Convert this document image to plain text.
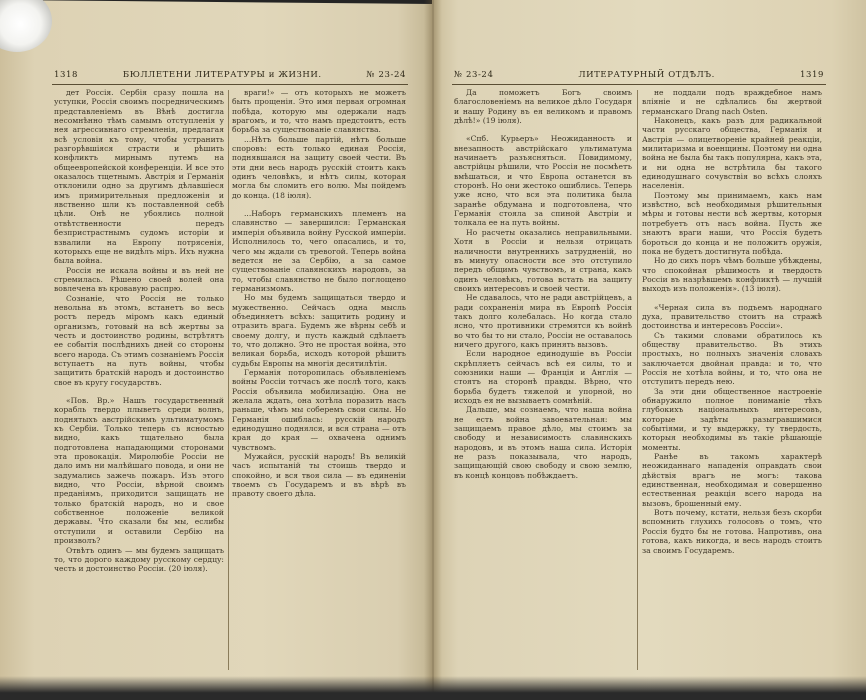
1318	БЮЛЛЕТЕНИ ЛИТЕРАТУРЫ и ЖИЗНИ.	№ 23-24	№ 23-24	ЛИТЕРАТУРНЫЙ ОТДѢЛЪ.	1319

дет Россія. Сербія сразу пошла на уступки, Россія своимъ посредническимъ представленіемъ въ Вѣнѣ достигла несомнѣнно тѣмъ самымъ отступленія у нея агрессивнаго стремленія, предлагая всѣ условія къ тому, чтобы устранить разгорѣвшіяся страсти и рѣшить конфликтъ мирнымъ путемъ на общеевропейской конференціи. И все это оказалось тщетнымъ. Австрія и Германія отклонили одно за другимъ дѣлавшіеся имъ примирительныя предложенія и явственно шли къ поставленной себѣ цѣли. Онѣ не убоялись полной отвѣтственности передъ безпристрастнымъ судомъ исторіи и взвалили на Европу потрясенія, которыхъ еще не видѣлъ міръ. Ихъ нужна была война.

Россія не искала войны и въ ней не стремилась. Рѣшено своей волей она вовлечена въ кровавую распрю.

Сознаніе, что Россія не только невольна въ этомъ, встанетъ во весь ростъ передъ міромъ какъ единый организмъ, готовый на всѣ жертвы за честь и достоинство родины, встрѣтятъ ее событія послѣднихъ дней со стороны всего народа. Съ этимъ сознаніемъ Россія вступаетъ на путь войны, чтобы защитить братскій народъ и достоинство свое въ кругу государствъ.

«Пов. Вр.» Нашъ государственный корабль твердо плыветъ среди волнъ, поднятыхъ австрійскимъ ультиматумомъ къ Сербіи. Только теперь съ ясностью видно, какъ тщательно была подготовлена нападающими сторонами эта провокація. Миролюбіе Россіи не дало имъ ни малѣйшаго повода, и они не задумались зажечь пожаръ. Изъ этого видно, что Россіи, вѣрной своимъ преданіямъ, приходится защищать не только братскій народъ, но и свое собственное положеніе великой державы. Что сказали бы мы, еслибы отступили и оставили Сербію на произволъ?

Отвѣтъ одинъ — мы будемъ защищать то, что дорого каждому русскому сердцу: честь и достоинство Россіи. (20 іюля).

враги!» — отъ которыхъ не можетъ быть прощенія. Это имя первая огромная побѣда, которую мы одержали надъ врагомъ, и то, что намъ предстоитъ, есть борьба за существованіе славянства.

...Нѣтъ больше партій, нѣтъ больше споровъ: есть только единая Россія, поднявшаяся на защиту своей чести. Въ эти дни весь народъ русскій стоитъ какъ одинъ человѣкъ, и нѣтъ силы, которая могла бы сломить его волю. Мы пойдемъ до конца. (18 іюля).

...Наборъ германскихъ племенъ на славянство — завершился: Германская имперія объявила войну Русской имперіи. Исполнилось то, чего опасались, и то, чего мы ждали съ тревогой. Теперь война ведется не за Сербію, а за самое существованіе славянскихъ народовъ, за то, чтобы славянство не было поглощено германизмомъ.

Но мы будемъ защищаться твердо и мужественно. Сейчасъ одна мысль объединяетъ всѣхъ: защитить родину и отразить врага. Будемъ же вѣрны себѣ и своему долгу, и пусть каждый сдѣлаетъ то, что должно. Это не простая война, это великая борьба, исходъ которой рѣшитъ судьбы Европы на многія десятилѣтія.

Германія поторопилась объявленіемъ войны Россіи тотчасъ же послѣ того, какъ Россія объявила мобилизацію. Она не желала ждать, она хотѣла поразить насъ раньше, чѣмъ мы соберемъ свои силы. Но Германія ошиблась: русскій народъ единодушно поднялся, и вся страна — отъ края до края — охвачена однимъ чувствомъ.

Мужайся, русскій народъ! Въ великій часъ испытаній ты стоишь твердо и спокойно, и вся твоя сила — въ единеніи твоемъ съ Государемъ и въ вѣрѣ въ правоту своего дѣла.

Да поможетъ Богъ своимъ благословеніемъ на великое дѣло Государя и нашу Родину въ ея великомъ и правомъ дѣлѣ!» (19 іюля).

«Спб. Курьеръ» Неожиданность и внезапность австрійскаго ультиматума начинаетъ разъясняться. Повидимому, австрійцы рѣшили, что Россія не посмѣетъ вмѣшаться, и что Европа останется въ сторонѣ. Но они жестоко ошиблись. Теперь уже ясно, что вся эта политика была заранѣе обдумана и подготовлена, что Германія стояла за спиной Австріи и толкала ее на путь войны.

Но расчеты оказались неправильными. Хотя в Россіи и нельзя отрицать наличности внутреннихъ затрудненій, но въ минуту опасности все это отступило передъ общимъ чувствомъ, и страна, какъ одинъ человѣкъ, готова встать на защиту своихъ интересовъ и своей чести.

Не сдавалось, что не ради австрійцевъ, а ради сохраненія мира въ Европѣ Россія такъ долго колебалась. Но когда стало ясно, что противники стремятся къ войнѣ во что бы то ни стало, Россіи не оставалось ничего другого, какъ принять вызовъ.

Если народное единодушіе въ Россіи скрѣпляетъ сейчасъ всѣ ея силы, то и союзники наши — Франція и Англія — стоятъ на сторонѣ правды. Вѣрно, что борьба будетъ тяжелой и упорной, но исходъ ея не вызываетъ сомнѣній.

Дальше, мы сознаемъ, что наша война не есть война завоевательная: мы защищаемъ правое дѣло, мы стоимъ за свободу и независимость славянскихъ народовъ, и въ этомъ наша сила. Исторія не разъ показывала, что народъ, защищающій свою свободу и свою землю, въ концѣ концовъ побѣждаетъ.

не поддали подъ враждебное намъ вліяніе и не сдѣлались бы жертвой германскаго Drang nach Osten.

Наконецъ, какъ разъ для радикальной части русскаго общества, Германія и Австрія — олицетвореніе крайней реакціи, милитаризма и военщины. Поэтому ни одна война не была бы такъ популярна, какъ эта, и ни одна не встрѣтила бы такого единодушнаго сочувствія во всѣхъ слояхъ населенія.

Поэтому мы принимаемъ, какъ нам извѣстно, всѣ необходимыя рѣшительныя мѣры и готовы нести всѣ жертвы, которыя потребуетъ отъ насъ война. Пусть же знаютъ враги наши, что Россія будетъ бороться до конца и не положитъ оружія, пока не будетъ достигнута побѣда.

Но до сихъ поръ чѣмъ больше убѣждены, что спокойная рѣшимость и твердость Россіи въ назрѣвшемъ конфликтѣ — лучшій выходъ изъ положенія». (13 іюля).

«Черная сила въ подъемъ народнаго духа, правительство стоитъ на стражѣ достоинства и интересовъ Россіи».

Съ такими словами обратилось къ обществу правительство. Въ этихъ простыхъ, но полныхъ значенія словахъ заключается двойная правда: и то, что Россія не хотѣла войны, и то, что она не отступитъ передъ нею.

За эти дни общественное настроеніе обнаружило полное пониманіе тѣхъ глубокихъ національныхъ интересовъ, которые задѣты разыгравшимися событіями, и ту выдержку, ту твердость, которыя необходимы въ такіе рѣшающіе моменты.

Ранѣе въ такомъ характерѣ неожиданнаго нападенія оправдать свои дѣйствія врагъ не могъ: такова единственная, необходимая и совершенно естественная реакція всего народа на вызовъ, брошенный ему.

Вотъ почему, кстати, нельзя безъ скорби вспомнить глухихъ голосовъ о томъ, что Россія будто бы не готова. Напротивъ, она готова, какъ никогда, и весь народъ стоитъ за своимъ Государемъ.
